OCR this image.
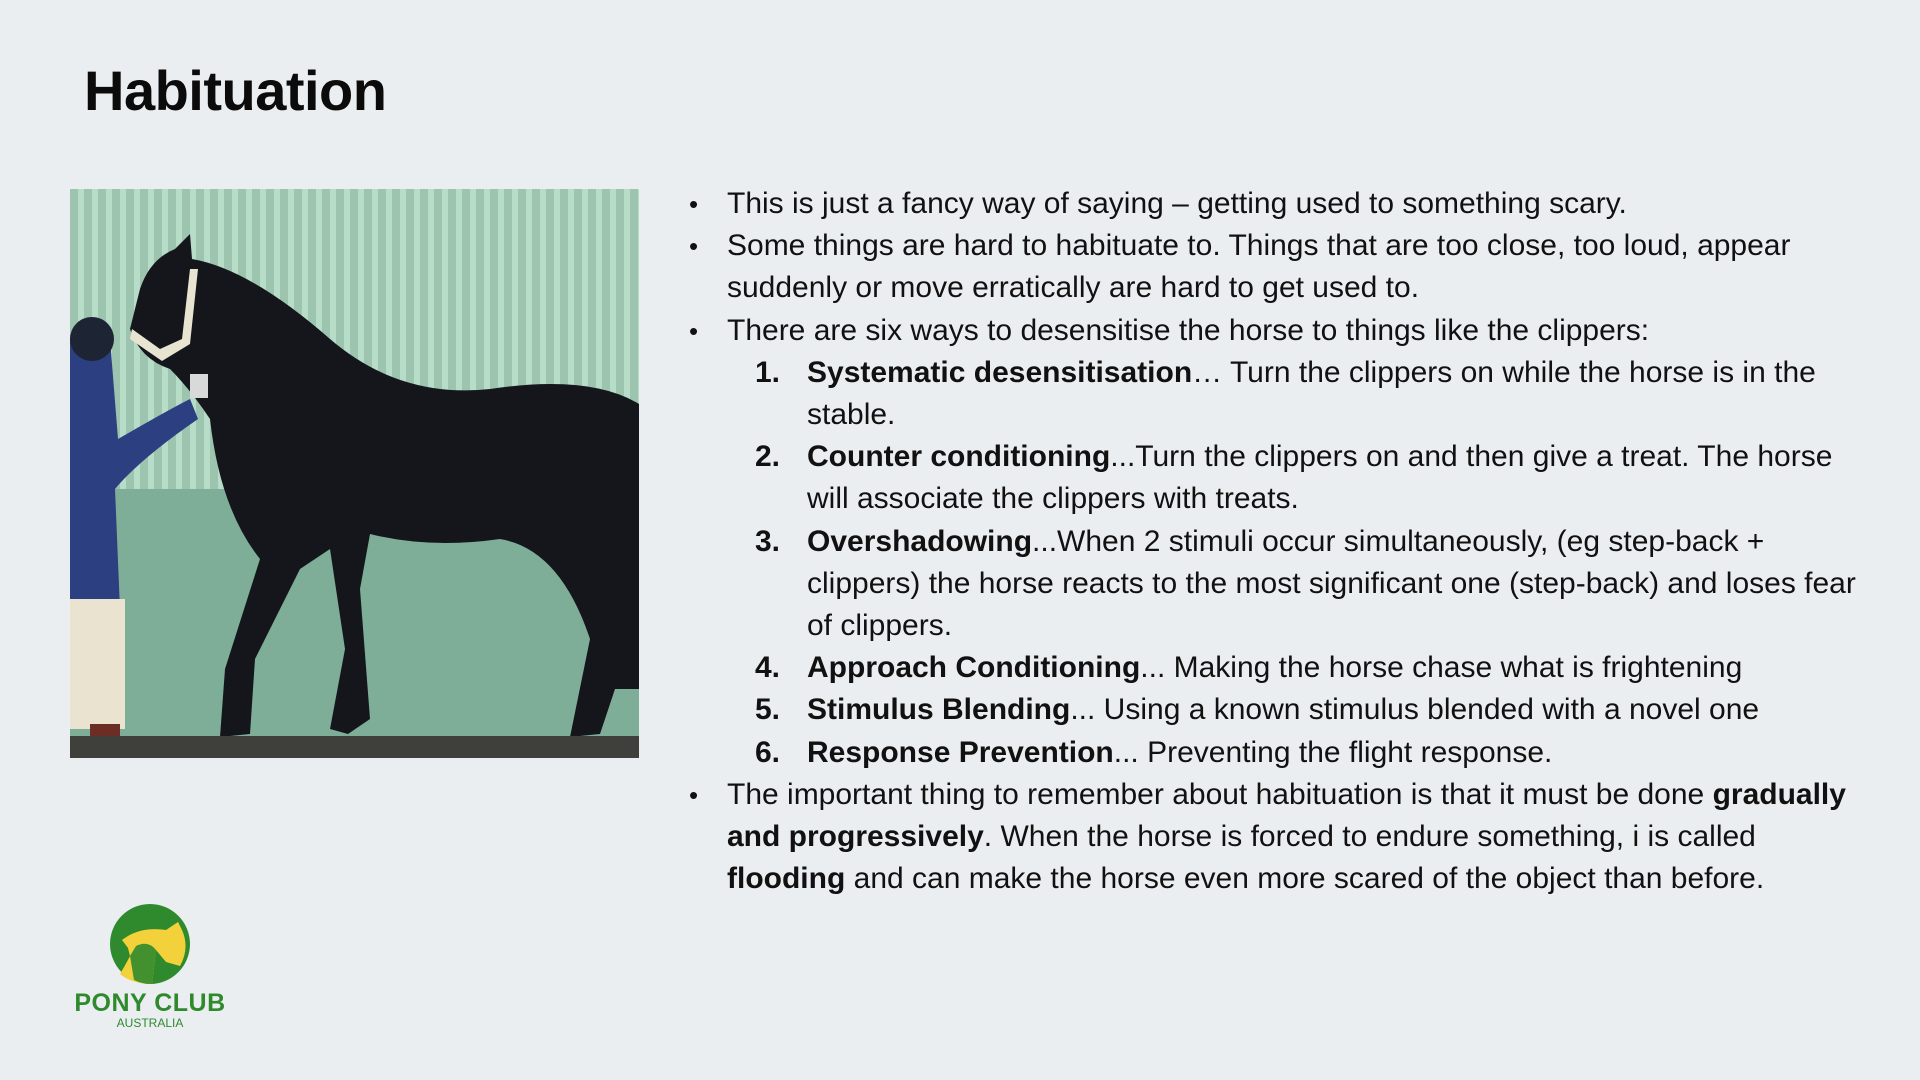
Habituation
• This is just a fancy way of saying – getting used to something scary.
• Some things are hard to habituate to. Things that are too close, too loud, appear suddenly or move erratically are hard to get used to.
• There are six ways to desensitise the horse to things like the clippers:
1. Systematic desensitisation… Turn the clippers on while the horse is in the stable.
2. Counter conditioning...Turn the clippers on and then give a treat. The horse will associate the clippers with treats.
3. Overshadowing...When 2 stimuli occur simultaneously, (eg step-back + clippers) the horse reacts to the most significant one (step-back) and loses fear of clippers.
4. Approach Conditioning... Making the horse chase what is frightening
5. Stimulus Blending... Using a known stimulus blended with a novel one
6. Response Prevention... Preventing the flight response.
• The important thing to remember about habituation is that it must be done gradually and progressively. When the horse is forced to endure something, i is called flooding and can make the horse even more scared of the object than before.
PONY CLUB
AUSTRALIA
